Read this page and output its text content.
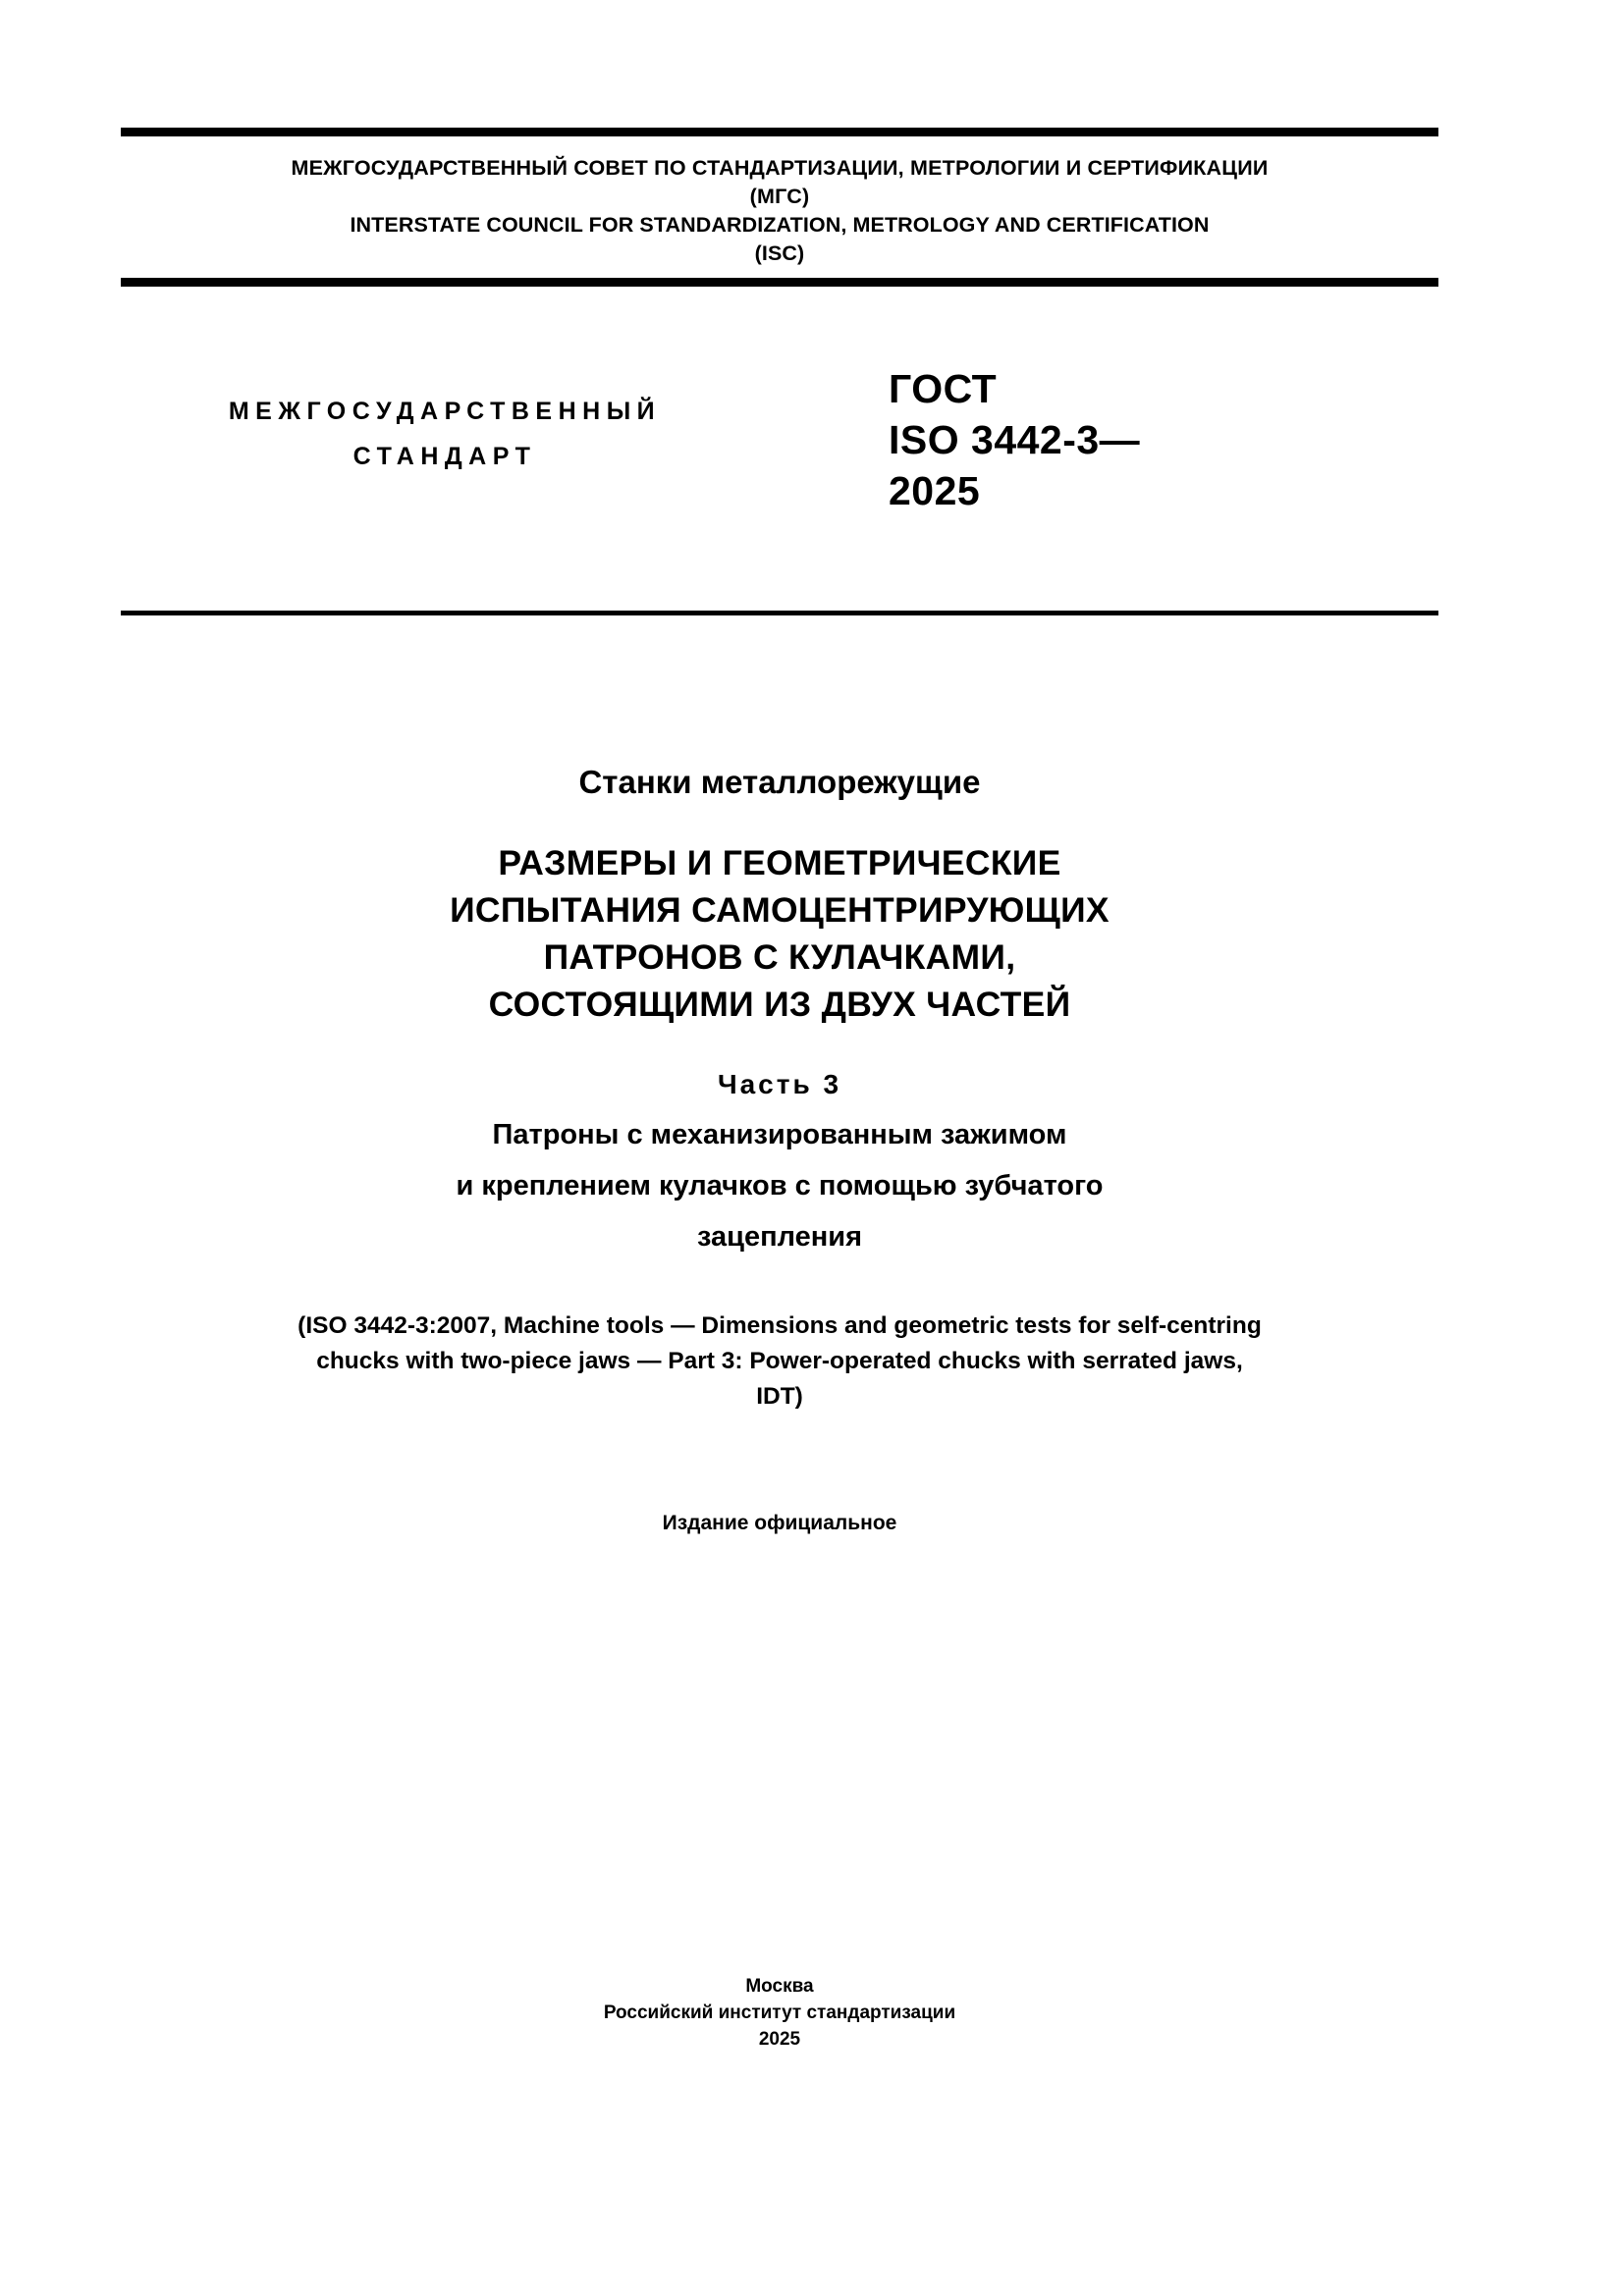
МЕЖГОСУДАРСТВЕННЫЙ СОВЕТ ПО СТАНДАРТИЗАЦИИ, МЕТРОЛОГИИ И СЕРТИФИКАЦИИ
(МГС)
INTERSTATE COUNCIL FOR STANDARDIZATION, METROLOGY AND CERTIFICATION
(ISC)
МЕЖГОСУДАРСТВЕННЫЙ
СТАНДАРТ
ГОСТ
ISO 3442-3—
2025
Станки металлорежущие
РАЗМЕРЫ И ГЕОМЕТРИЧЕСКИЕ
ИСПЫТАНИЯ САМОЦЕНТРИРУЮЩИХ
ПАТРОНОВ С КУЛАЧКАМИ,
СОСТОЯЩИМИ ИЗ ДВУХ ЧАСТЕЙ
Часть 3
Патроны с механизированным зажимом
и креплением кулачков с помощью зубчатого
зацепления
(ISO 3442-3:2007, Machine tools — Dimensions and geometric tests for self-centring
chucks with two-piece jaws — Part 3: Power-operated chucks with serrated jaws,
IDT)
Издание официальное
Москва
Российский институт стандартизации
2025
